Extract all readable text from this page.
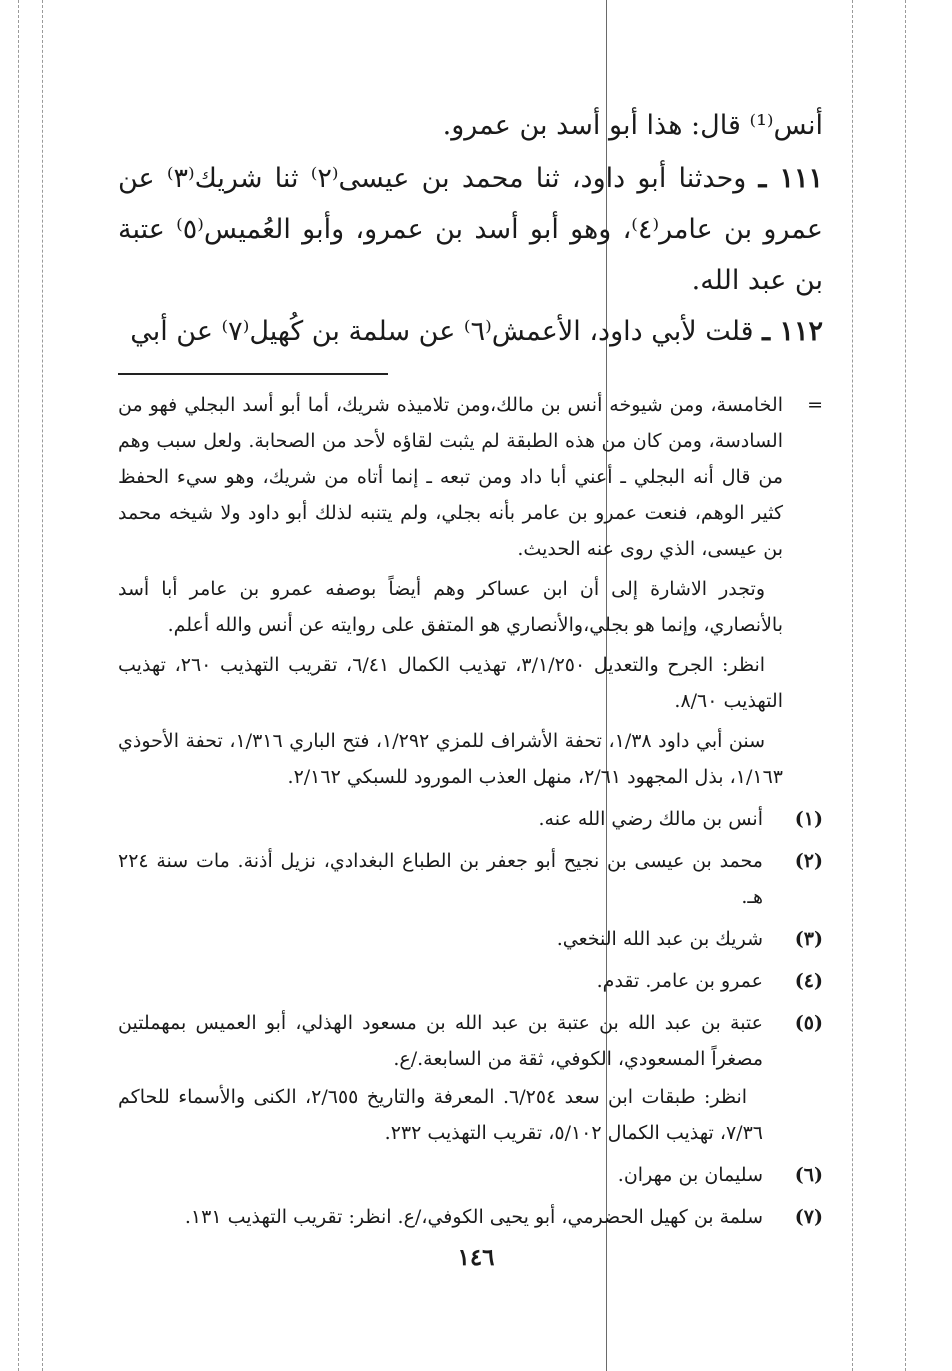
أنس⁽¹⁾ قال: هذا أبو أسد بن عمرو.

١١١ ـ وحدثنا أبو داود، ثنا محمد بن عيسى⁽٢⁾ ثنا شريك⁽٣⁾ عن عمرو بن عامر⁽٤⁾، وهو أبو أسد بن عمرو، وأبو العُميس⁽٥⁾ عتبة بن عبد الله.

١١٢ ـ قلت لأبي داود، الأعمش⁽٦⁾ عن سلمة بن كُهيل⁽٧⁾ عن أبي

=
الخامسة، ومن شيوخه أنس بن مالك،ومن تلاميذه شريك، أما أبو أسد البجلي فهو من السادسة، ومن كان من هذه الطبقة لم يثبت لقاؤه لأحد من الصحابة. ولعل سبب وهم من قال أنه البجلي ـ أعني أبا داد ومن تبعه ـ إنما أتاه من شريك، وهو سيء الحفظ كثير الوهم، فنعت عمرو بن عامر بأنه بجلي، ولم يتنبه لذلك أبو داود ولا شيخه محمد بن عيسى، الذي روى عنه الحديث.

وتجدر الاشارة إلى أن ابن عساكر وهم أيضاً بوصفه عمرو بن عامر أبا أسد بالأنصاري، وإنما هو بجلي،والأنصاري هو المتفق على روايته عن أنس والله أعلم.

انظر: الجرح والتعديل ٣/١/٢٥٠، تهذيب الكمال ٦/٤١، تقريب التهذيب ٢٦٠، تهذيب التهذيب ٨/٦٠.

سنن أبي داود ١/٣٨، تحفة الأشراف للمزي ١/٢٩٢، فتح الباري ١/٣١٦، تحفة الأحوذي ١/١٦٣، بذل المجهود ٢/٦١، منهل العذب المورود للسبكي ٢/١٦٢.

(١)
أنس بن مالك رضي الله عنه.
(٢)
محمد بن عيسى بن نجيح أبو جعفر بن الطباع البغدادي، نزيل أذنة. مات سنة ٢٢٤ هـ.
(٣)
شريك بن عبد الله النخعي.
(٤)
عمرو بن عامر. تقدم.
(٥)
عتبة بن عبد الله بن عتبة بن عبد الله بن مسعود الهذلي، أبو العميس بمهملتين مصغراً المسعودي، الكوفي، ثقة من السابعة./ع.
انظر: طبقات ابن سعد ٦/٢٥٤. المعرفة والتاريخ ٢/٦٥٥، الكنى والأسماء للحاكم ٧/٣٦، تهذيب الكمال ٥/١٠٢، تقريب التهذيب ٢٣٢.
(٦)
سليمان بن مهران.
(٧)
سلمة بن كهيل الحضرمي، أبو يحيى الكوفي،/ع. انظر: تقريب التهذيب ١٣١.
١٤٦
